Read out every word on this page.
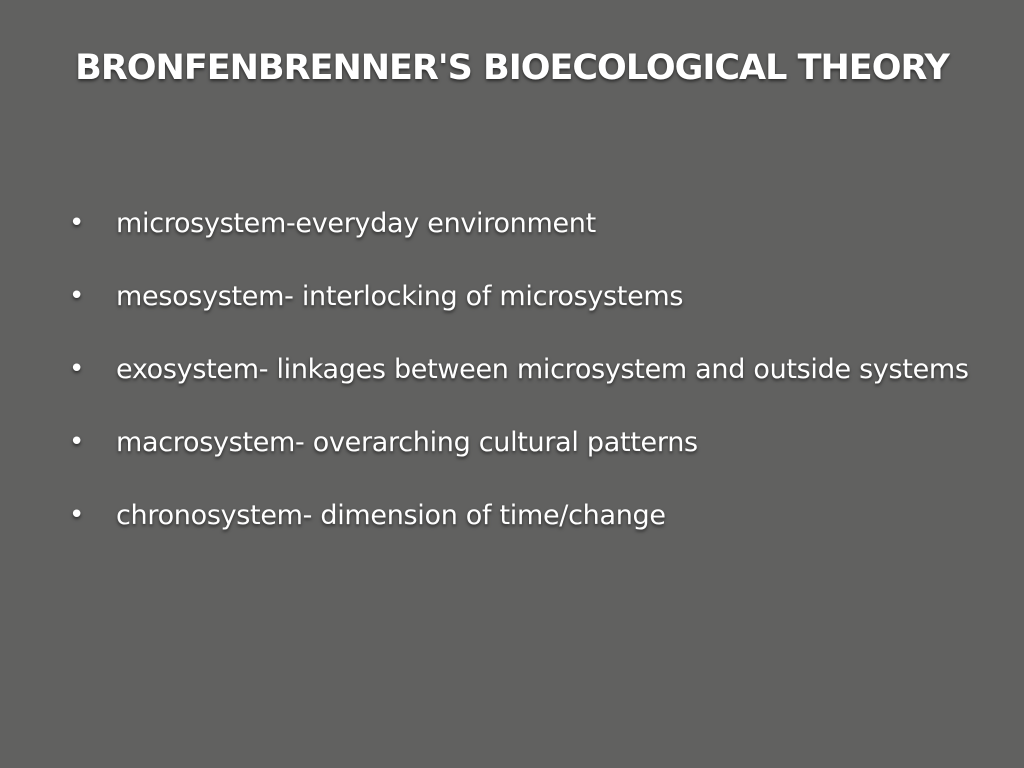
BRONFENBRENNER'S BIOECOLOGICAL THEORY
• microsystem-everyday environment
• mesosystem- interlocking of microsystems
• exosystem- linkages between microsystem and outside systems
• macrosystem- overarching cultural patterns
• chronosystem- dimension of time/change
